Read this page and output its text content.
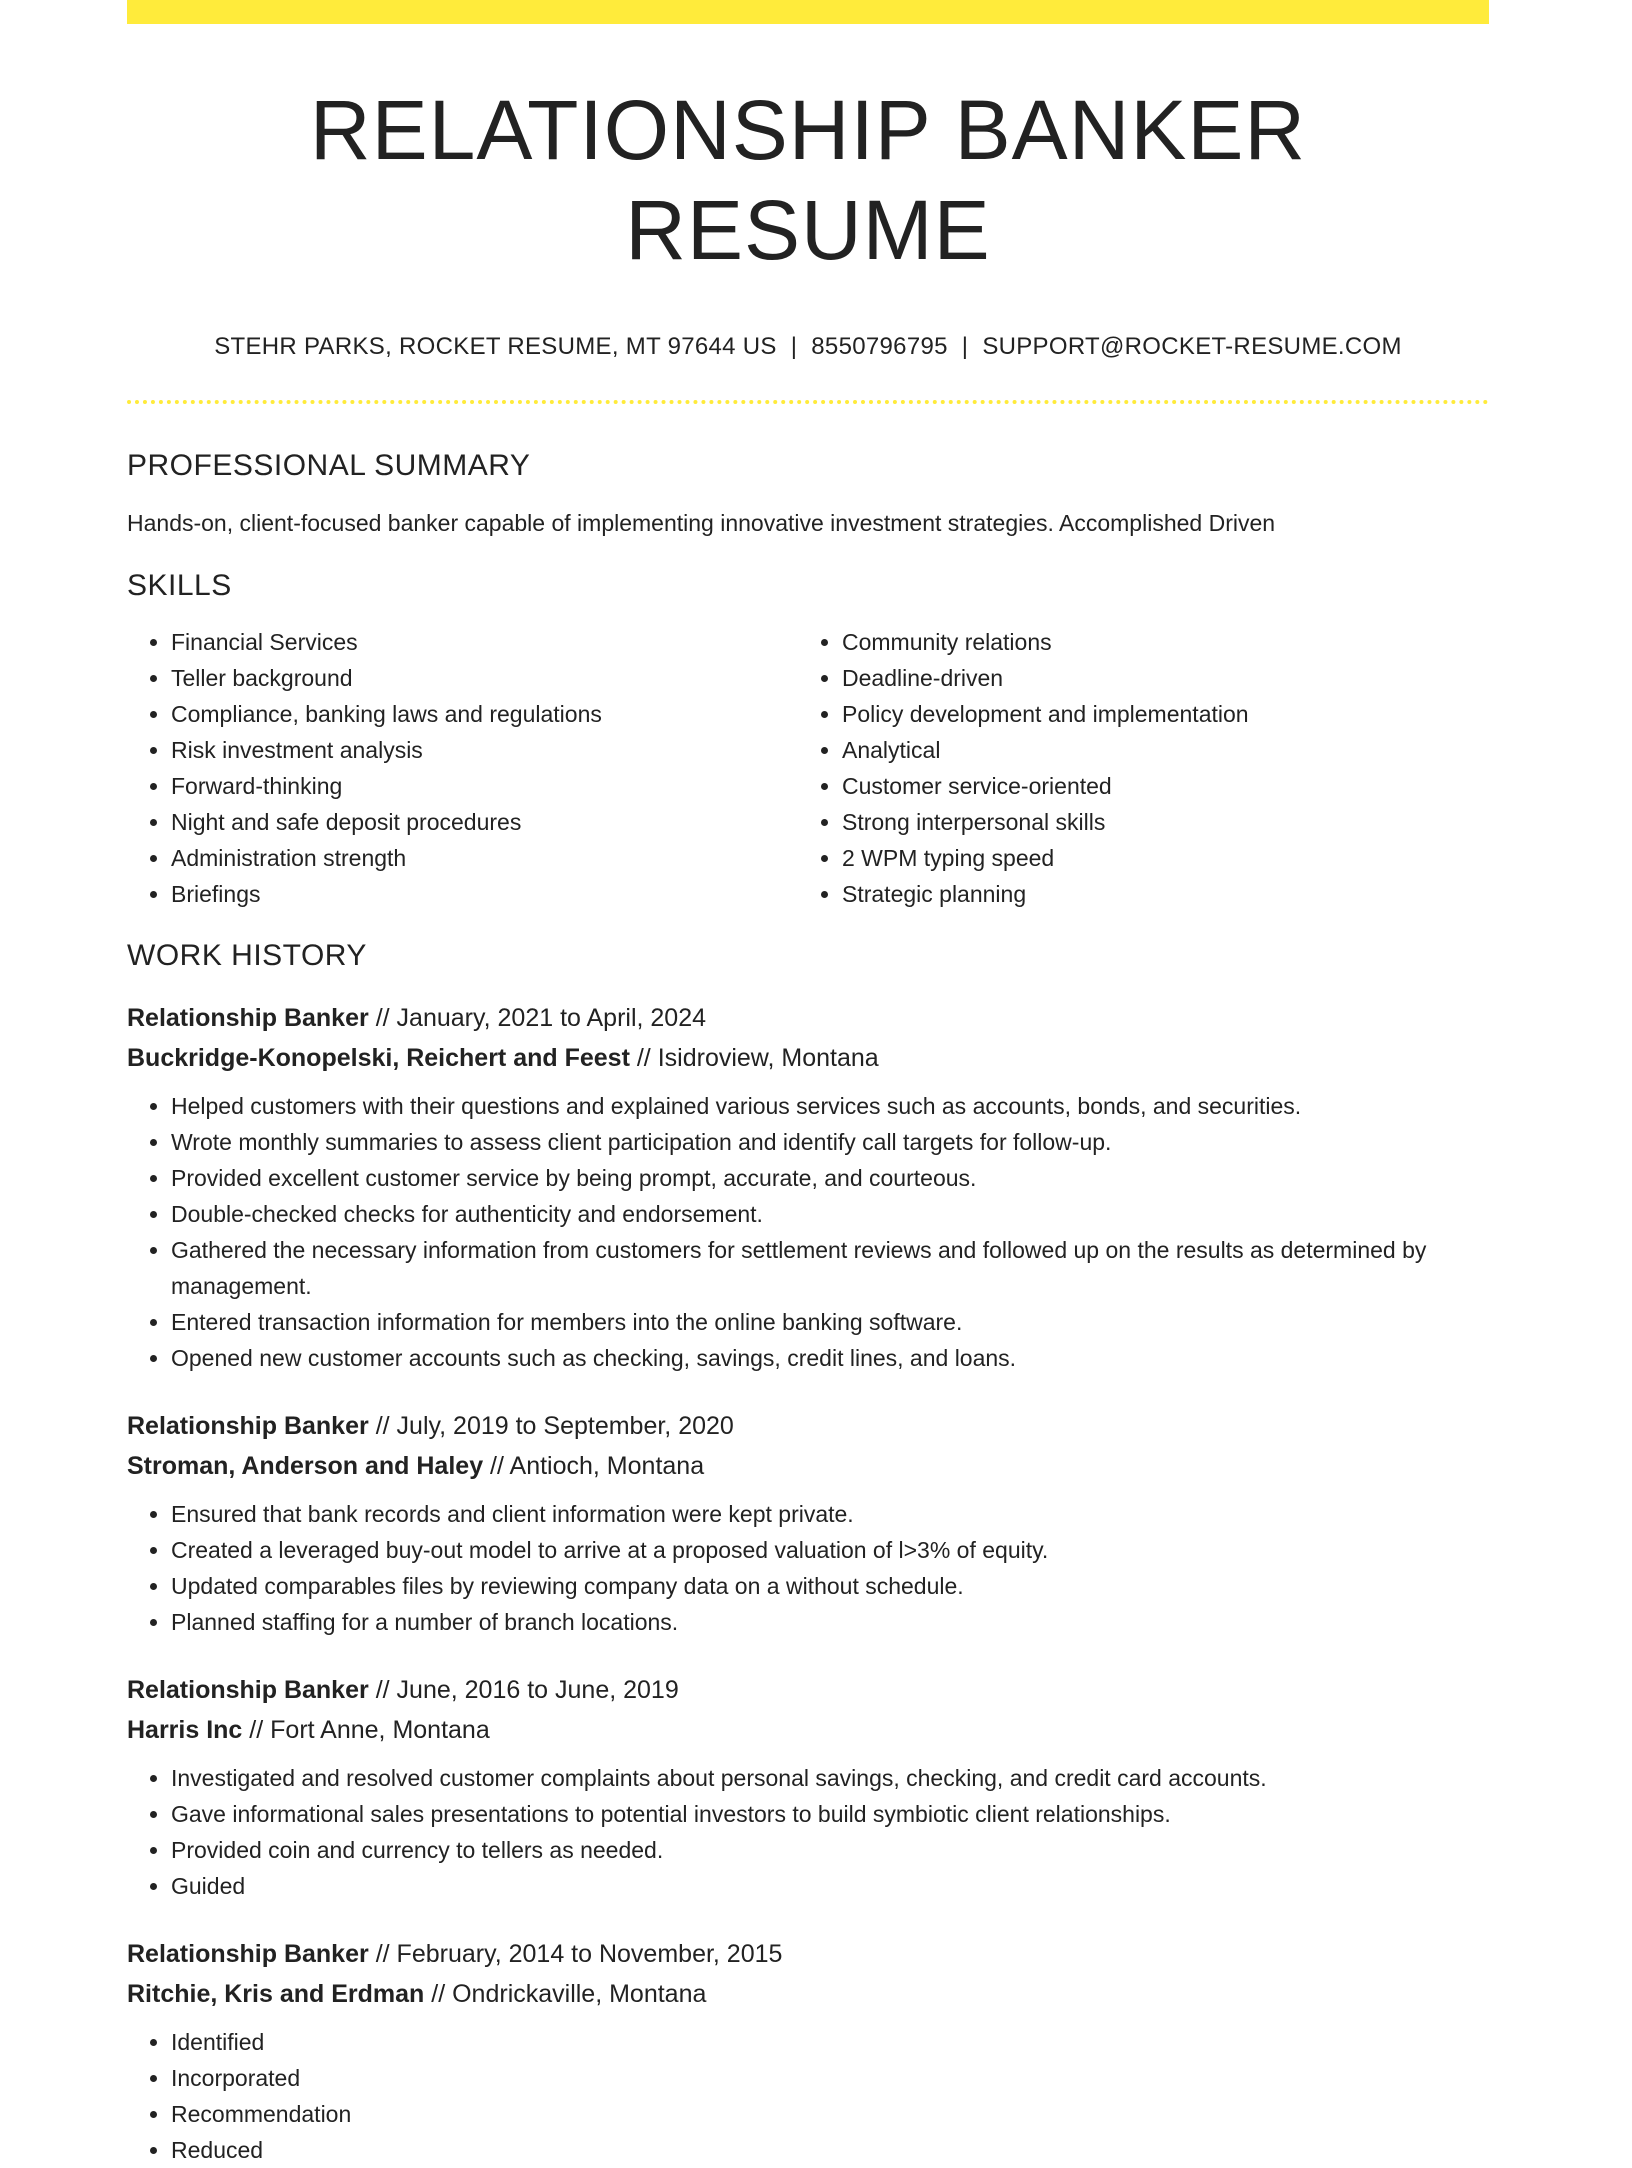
RELATIONSHIP BANKER RESUME
STEHR PARKS, ROCKET RESUME, MT 97644 US | 8550796795 | SUPPORT@ROCKET-RESUME.COM
PROFESSIONAL SUMMARY
Hands-on, client-focused banker capable of implementing innovative investment strategies. Accomplished Driven
SKILLS
• Financial Services
• Teller background
• Compliance, banking laws and regulations
• Risk investment analysis
• Forward-thinking
• Night and safe deposit procedures
• Administration strength
• Briefings
• Community relations
• Deadline-driven
• Policy development and implementation
• Analytical
• Customer service-oriented
• Strong interpersonal skills
• 2 WPM typing speed
• Strategic planning
WORK HISTORY
Relationship Banker // January, 2021 to April, 2024
Buckridge-Konopelski, Reichert and Feest // Isidroview, Montana
• Helped customers with their questions and explained various services such as accounts, bonds, and securities.
• Wrote monthly summaries to assess client participation and identify call targets for follow-up.
• Provided excellent customer service by being prompt, accurate, and courteous.
• Double-checked checks for authenticity and endorsement.
• Gathered the necessary information from customers for settlement reviews and followed up on the results as determined by management.
• Entered transaction information for members into the online banking software.
• Opened new customer accounts such as checking, savings, credit lines, and loans.
Relationship Banker // July, 2019 to September, 2020
Stroman, Anderson and Haley // Antioch, Montana
• Ensured that bank records and client information were kept private.
• Created a leveraged buy-out model to arrive at a proposed valuation of l>3% of equity.
• Updated comparables files by reviewing company data on a without schedule.
• Planned staffing for a number of branch locations.
Relationship Banker // June, 2016 to June, 2019
Harris Inc // Fort Anne, Montana
• Investigated and resolved customer complaints about personal savings, checking, and credit card accounts.
• Gave informational sales presentations to potential investors to build symbiotic client relationships.
• Provided coin and currency to tellers as needed.
• Guided
Relationship Banker // February, 2014 to November, 2015
Ritchie, Kris and Erdman // Ondrickaville, Montana
• Identified
• Incorporated
• Recommendation
• Reduced
